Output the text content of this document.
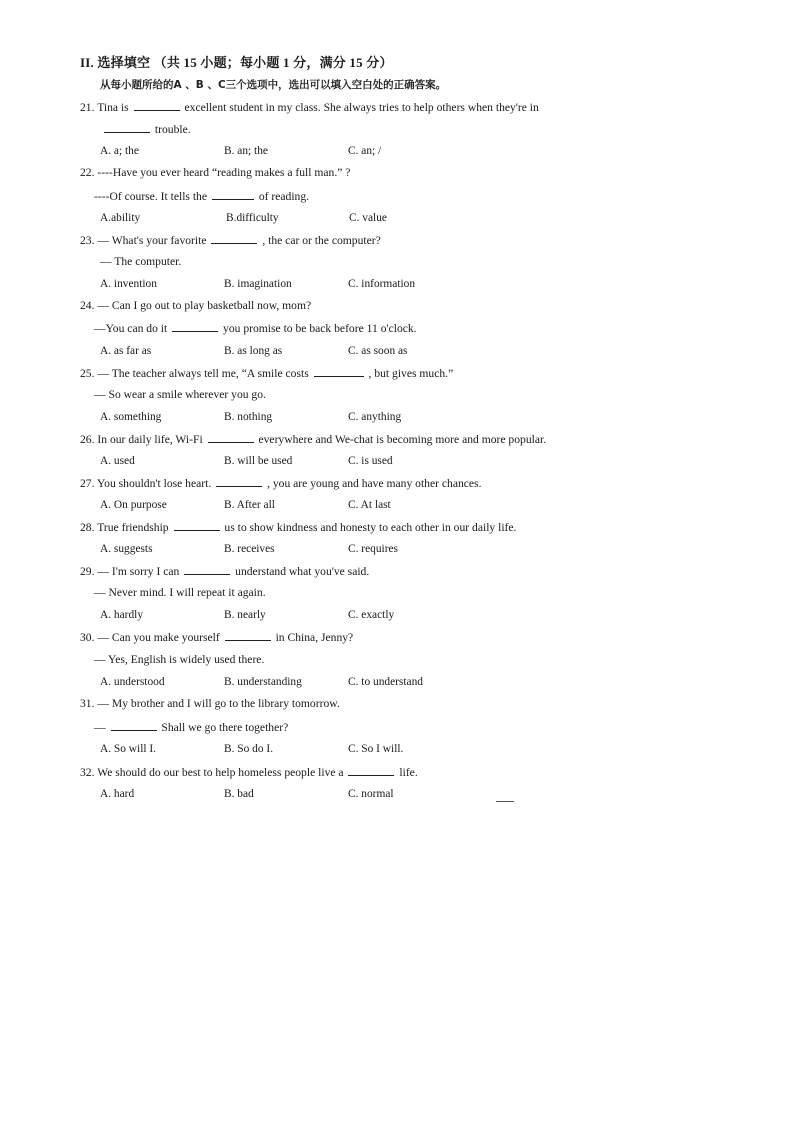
II. 选择填空 （共 15 小题；每小题 1 分，满分 15 分）
从每小题所给的A 、B 、C三个选项中，选出可以填入空白处的正确答案。
21. Tina is	excellent student in my class. She always tries to help others when they're in
trouble.
A. a; the	B. an; the	C. an; /
22. ----Have you ever heard “reading makes a full man.” ?
----Of course. It tells the	of reading.
A.ability	B.difficulty	C. value
23. — What's your favorite	, the car or the computer?
— The computer.
A. invention	B. imagination	C. information
24. — Can I go out to play basketball now, mom?
—You can do it	you promise to be back before 11 o'clock.
A. as far as	B. as long as	C. as soon as
25. — The teacher always tell me, “A smile costs	, but gives much.”
— So wear a smile wherever you go.
A. something	B. nothing	C. anything
26. In our daily life, Wi-Fi	everywhere and We-chat is becoming more and more popular.
A. used	B. will be used	C. is used
27. You shouldn't lose heart.	, you are young and have many other chances.
A. On purpose	B. After all	C. At last
28. True friendship	us to show kindness and honesty to each other in our daily life.
A. suggests	B. receives	C. requires
29. — I'm sorry I can	understand what you've said.
— Never mind. I will repeat it again.
A. hardly	B. nearly	C. exactly
30. — Can you make yourself	in China, Jenny?
— Yes, English is widely used there.
A. understood	B. understanding	C. to understand
31. — My brother and I will go to the library tomorrow.
—	Shall we go there together?
A. So will I.	B. So do I.	C. So I will.
32. We should do our best to help homeless people live a	life.
A. hard	B. bad	C. normal
